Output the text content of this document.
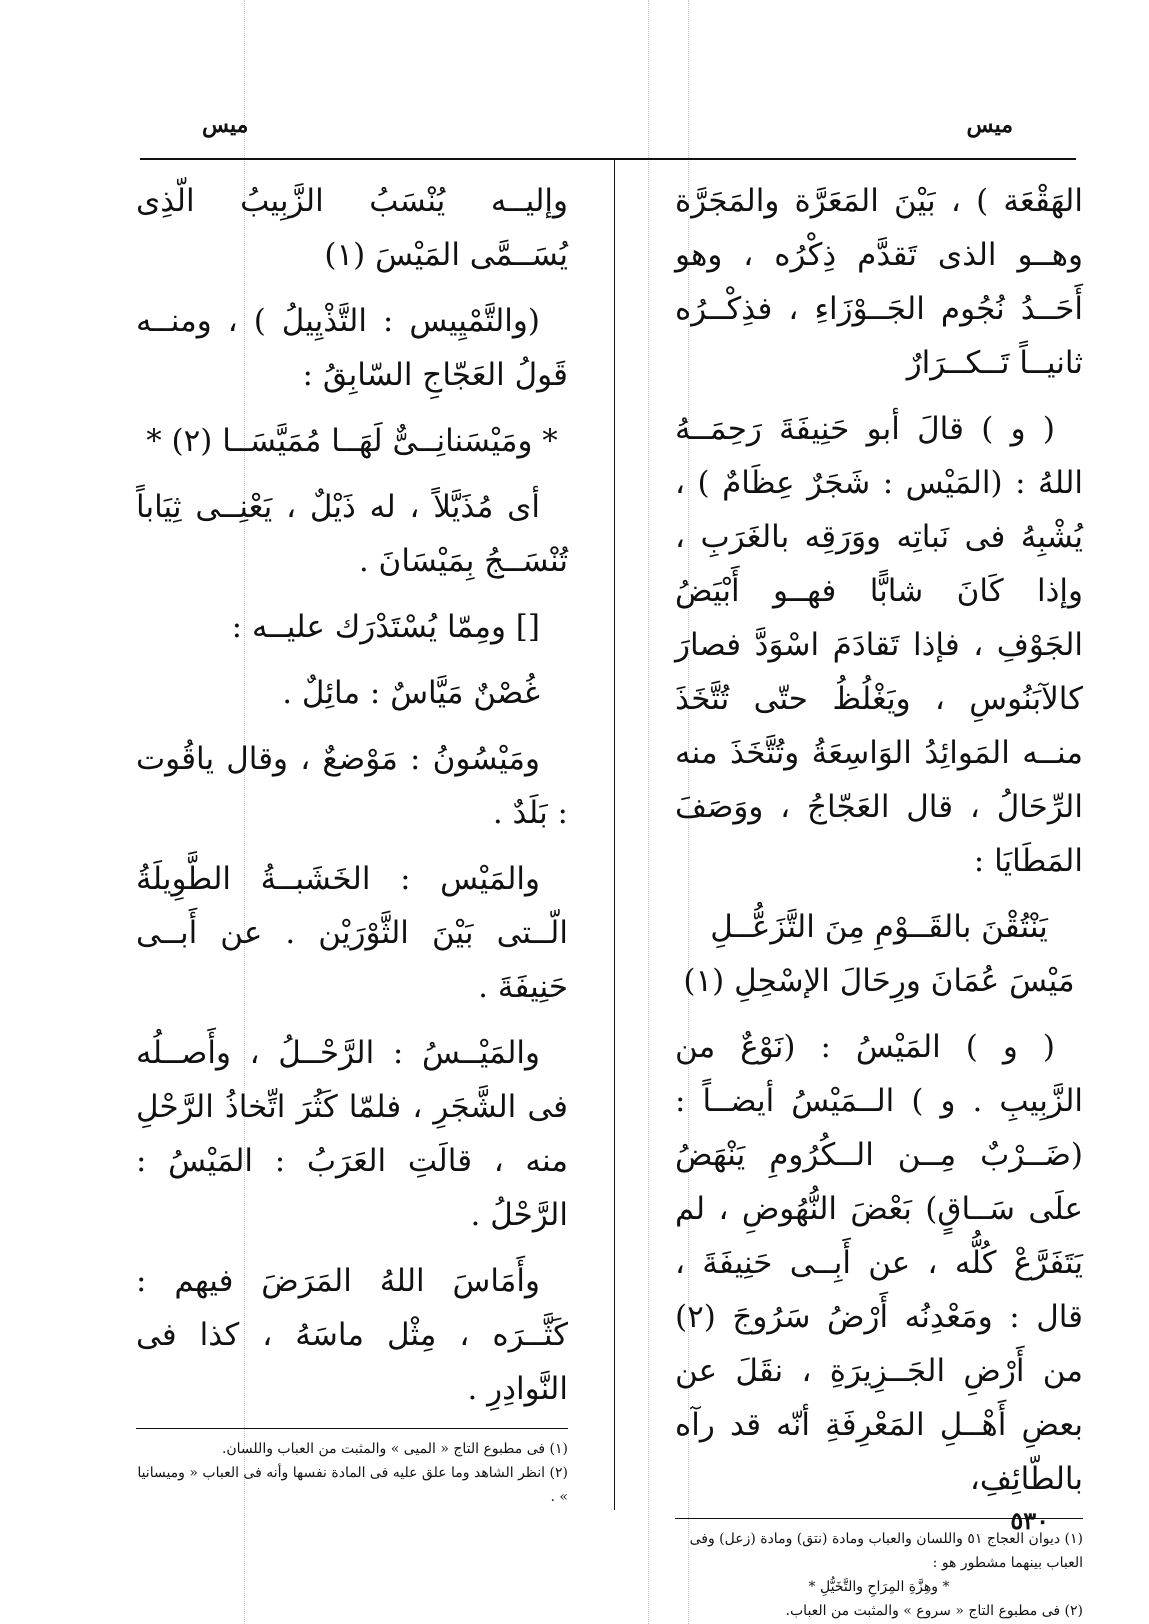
ميس
ميس

الهَقْعَة ) ، بَيْنَ المَعَرَّة والمَجَرَّة وهــو الذى تَقدَّم ذِكْرُه ، وهو أَحَــدُ نُجُوم الجَــوْزَاءِ ، فذِكْــرُه ثانيــاً تَــكــرَارٌ

( و ) قالَ أبو حَنِيفَةَ رَحِمَــهُ اللهُ : (المَيْس : شَجَرٌ عِظَامٌ ) ، يُشْبِهُ فى نَباتِه ووَرَقِه بالغَرَبِ ، وإذا كَانَ شابًّا فهــو أَبْيَضُ الجَوْفِ ، فإذا تَقادَمَ اسْوَدَّ فصارَ كالآبَنُوسِ ، ويَغْلُظُ حتّى تُتَّخَذَ منــه المَوائِدُ الوَاسِعَةُ وتُتَّخَذَ منه الرِّحَالُ ، قال العَجّاجُ ، ووَصَفَ المَطَايَا :

يَنْتُقْنَ بالقَــوْمِ مِنَ التَّزَعُّــلِ
مَيْسَ عُمَانَ ورِحَالَ الإسْحِلِ (١)

( و ) المَيْسُ : (نَوْعٌ من الزَّبِيبِ . و ) الــمَيْسُ أيضــاً : (ضَــرْبٌ مِــن الــكُرُومِ يَنْهَضُ علَى سَــاقٍ) بَعْضَ النُّهُوضِ ، لم يَتَفَرَّعْ كُلُّه ، عن أَبِــى حَنِيفَةَ ، قال : ومَعْدِنُه أَرْضُ سَرُوجَ (٢) من أَرْضِ الجَــزِيرَةِ ، نقَلَ عن بعضِ أَهْــلِ المَعْرِفَةِ أنّه قد رآه بالطّائِفِ،

(١) ديوان العجاج ٥١ واللسان والعباب ومادة (نتق) ومادة (زعل) وفى العباب بينهما مشطور هو :

* وهِزَّةِ المِرَاحِ والتَّخَيُّلِ *

(٢) فى مطبوع التاج « سروع » والمثبت من العباب.

وإليــه يُنْسَبُ الزَّبِيبُ الّذِى يُسَــمَّى المَيْسَ (١)

(والتَّمْيِيس : التَّذْيِيلُ ) ، ومنــه قَولُ العَجّاجِ السّابِقُ :

* ومَيْسَنانِــىٌّ لَهَــا مُمَيَّسَــا (٢) *

أى مُذَيَّلاً ، له ذَيْلٌ ، يَعْنِــى ثِيَاباً تُنْسَــجُ بِمَيْسَانَ .

[] ومِمّا يُسْتَدْرَك عليــه :

غُصْنٌ مَيَّاسٌ : مائِلٌ .

ومَيْسُونُ : مَوْضعٌ ، وقال ياقُوت : بَلَدٌ .

والمَيْس : الخَشَبــةُ الطَّوِيلَةُ الّــتى بَيْنَ الثَّوْرَيْن . عن أَبــى حَنِيفَةَ .

والمَيْــسُ : الرَّحْــلُ ، وأَصــلُه فى الشَّجَرِ ، فلمّا كَثُرَ اتِّخاذُ الرَّحْلِ منه ، قالَتِ العَرَبُ : المَيْسُ : الرَّحْلُ .

وأَمَاسَ اللهُ المَرَضَ فيهم : كَثَّــرَه ، مِثْل ماسَهُ ، كذا فى النَّوادِرِ .

(١) فى مطبوع التاج « الميى » والمثبت من العباب واللسان.

(٢) انظر الشاهد وما علق عليه فى المادة نفسها وأنه فى العباب « وميسانيا » .

٥٣٠
